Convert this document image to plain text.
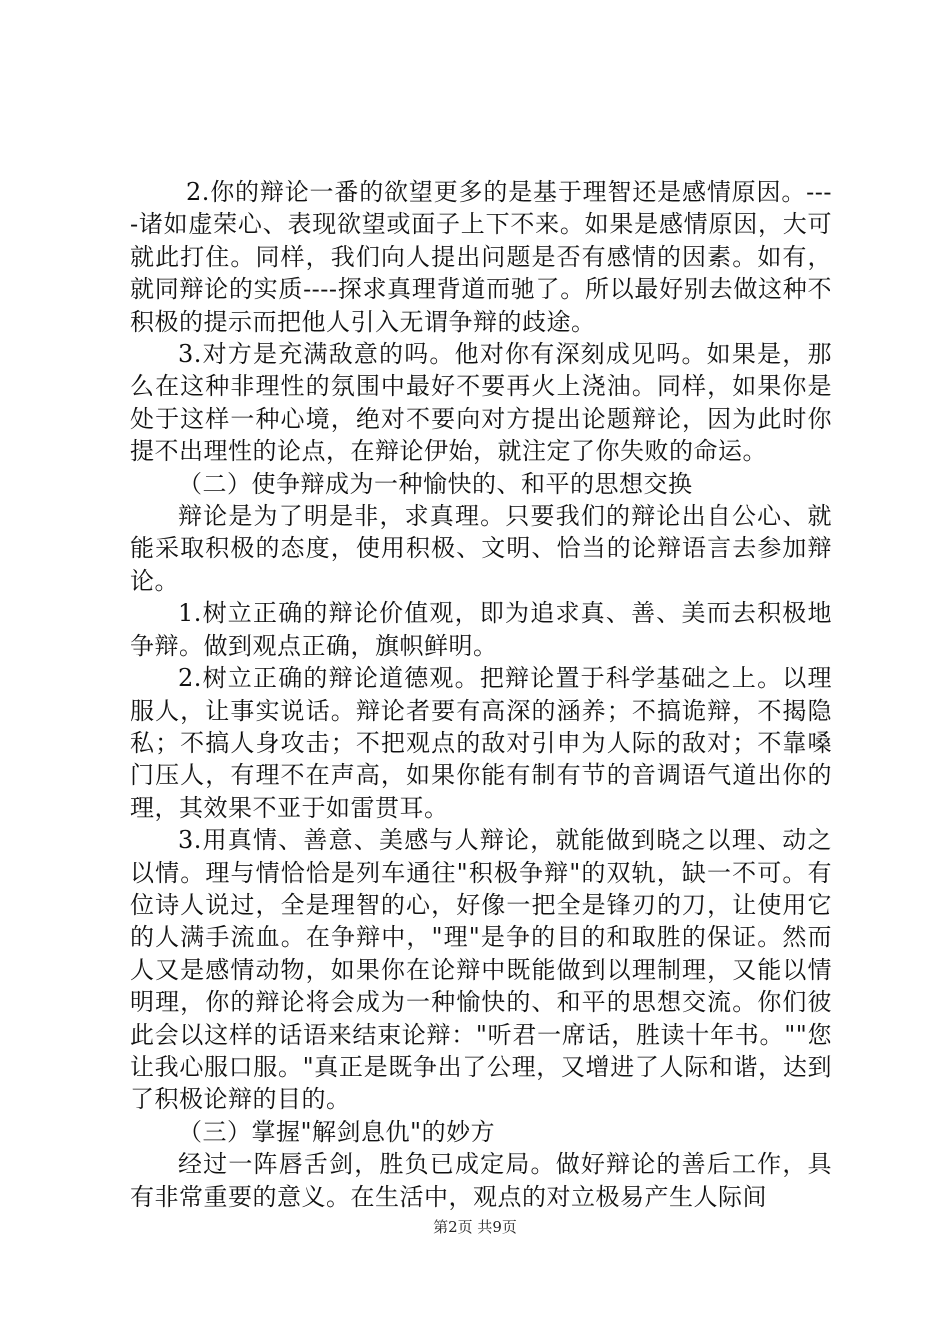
2.你的辩论一番的欲望更多的是基于理智还是感情原因。----诸如虚荣心、表现欲望或面子上下不来。如果是感情原因，大可就此打住。同样，我们向人提出问题是否有感情的因素。如有，就同辩论的实质----探求真理背道而驰了。所以最好别去做这种不积极的提示而把他人引入无谓争辩的歧途。

3.对方是充满敌意的吗。他对你有深刻成见吗。如果是，那么在这种非理性的氛围中最好不要再火上浇油。同样，如果你是处于这样一种心境，绝对不要向对方提出论题辩论，因为此时你提不出理性的论点，在辩论伊始，就注定了你失败的命运。

（二）使争辩成为一种愉快的、和平的思想交换

辩论是为了明是非，求真理。只要我们的辩论出自公心、就能采取积极的态度，使用积极、文明、恰当的论辩语言去参加辩论。

1.树立正确的辩论价值观，即为追求真、善、美而去积极地争辩。做到观点正确，旗帜鲜明。

2.树立正确的辩论道德观。把辩论置于科学基础之上。以理服人，让事实说话。辩论者要有高深的涵养；不搞诡辩，不揭隐私；不搞人身攻击；不把观点的敌对引申为人际的敌对；不靠嗓门压人，有理不在声高，如果你能有制有节的音调语气道出你的理，其效果不亚于如雷贯耳。

3.用真情、善意、美感与人辩论，就能做到晓之以理、动之以情。理与情恰恰是列车通往"积极争辩"的双轨，缺一不可。有位诗人说过，全是理智的心，好像一把全是锋刃的刀，让使用它的人满手流血。在争辩中，"理"是争的目的和取胜的保证。然而人又是感情动物，如果你在论辩中既能做到以理制理，又能以情明理，你的辩论将会成为一种愉快的、和平的思想交流。你们彼此会以这样的话语来结束论辩："听君一席话，胜读十年书。""您让我心服口服。"真正是既争出了公理，又增进了人际和谐，达到了积极论辩的目的。

（三）掌握"解剑息仇"的妙方

经过一阵唇舌剑，胜负已成定局。做好辩论的善后工作，具有非常重要的意义。在生活中，观点的对立极易产生人际间

第2页 共9页
